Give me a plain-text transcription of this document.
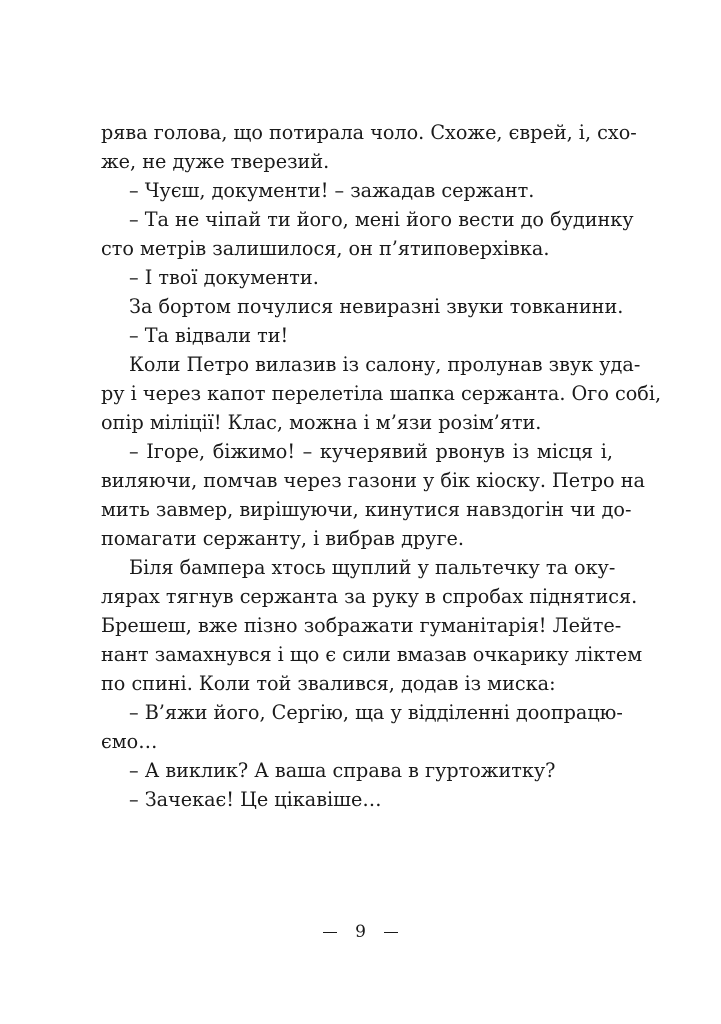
рява голова, що потирала чоло. Схоже, єврей, і, схо-
же, не дуже тверезий.
– Чуєш, документи! – зажадав сержант.
– Та не чіпай ти його, мені його вести до будинку
сто метрів залишилося, он п’ятиповерхівка.
– І твої документи.
За бортом почулися невиразні звуки товканини.
– Та відвали ти!
Коли Петро вилазив із салону, пролунав звук уда-
ру і через капот перелетіла шапка сержанта. Ого собі,
опір міліції! Клас, можна і м’язи розім’яти.
– Ігоре, біжимо! – кучерявий рвонув із місця і,
виляючи, помчав через газони у бік кіоску. Петро на
мить завмер, вирішуючи, кинутися навздогін чи до-
помагати сержанту, і вибрав друге.
Біля бампера хтось щуплий у пальтечку та оку-
лярах тягнув сержанта за руку в спробах піднятися.
Брешеш, вже пізно зображати гуманітарія! Лейте-
нант замахнувся і що є сили вмазав очкарику ліктем
по спині. Коли той звалився, додав із миска:
– В’яжи його, Сергію, ща у відділенні доопрацю-
ємо…
– А виклик? А ваша справа в гуртожитку?
– Зачекає! Це цікавіше…
9
